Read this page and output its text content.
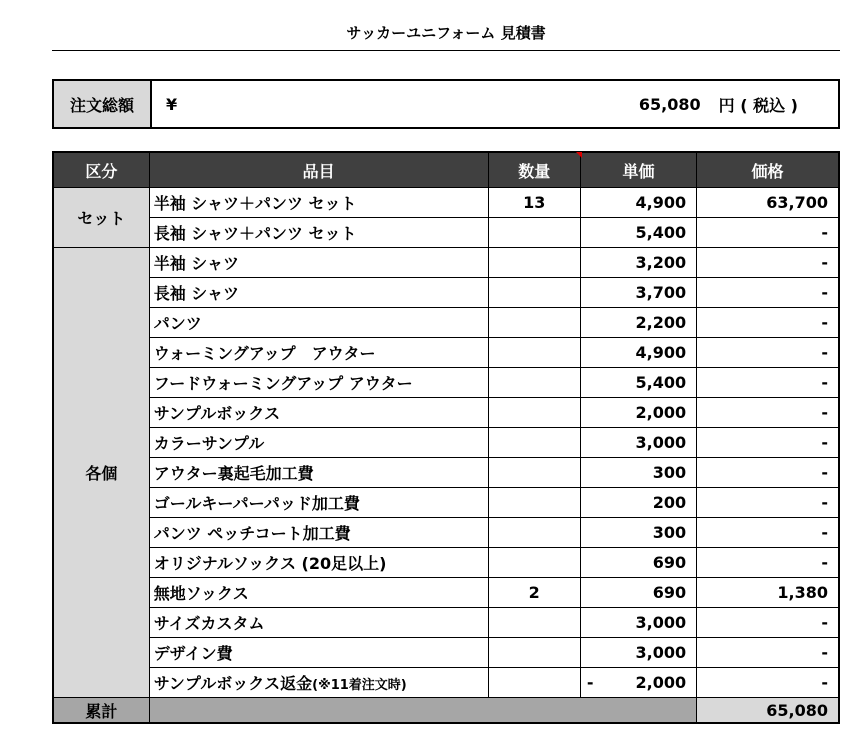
サッカーユニフォーム 見積書
注文総額	¥	65,080 円 ( 税込 )
区分	品目	数量	単価	価格
セット	半袖 シャツ＋パンツ セット	13	4,900	63,700
	長袖 シャツ＋パンツ セット		5,400	-
各個	半袖 シャツ		3,200	-
	長袖 シャツ		3,700	-
	パンツ		2,200	-
	ウォーミングアップ　アウター		4,900	-
	フードウォーミングアップ アウター		5,400	-
	サンプルボックス		2,000	-
	カラーサンプル		3,000	-
	アウター裏起毛加工費		300	-
	ゴールキーパーパッド加工費		200	-
	パンツ ペッチコート加工費		300	-
	オリジナルソックス (20足以上)		690	-
	無地ソックス	2	690	1,380
	サイズカスタム		3,000	-
	デザイン費		3,000	-
	サンプルボックス返金(※11着注文時)		- 2,000	-
累計				65,080
